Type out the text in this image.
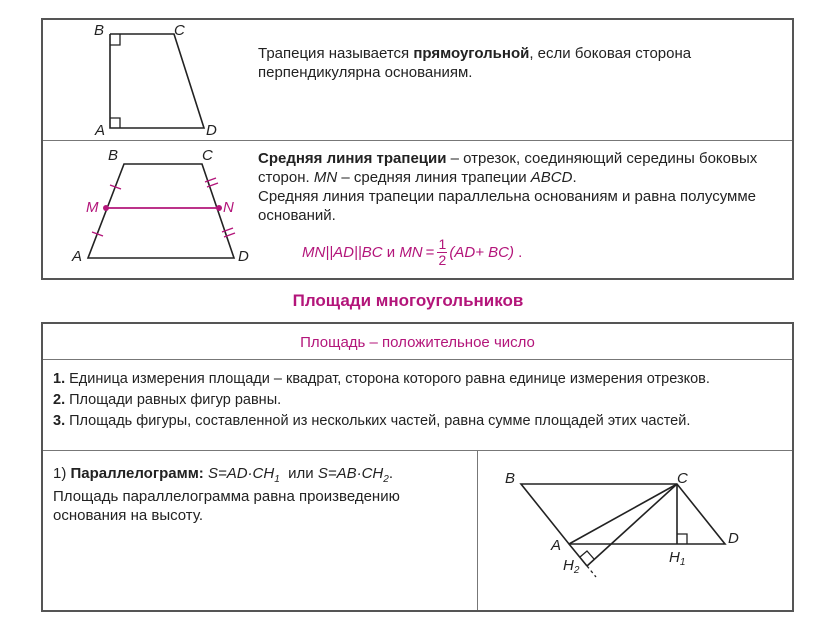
B	C
A	D
Трапеция называется прямоугольной, если боковая сторона перпендикулярна основаниям.
B	C
M	N
A	D
Средняя линия трапеции – отрезок, соединяющий середины боковых сторон. MN – средняя линия трапеции ABCD.
Средняя линия трапеции параллельна основаниям и равна полусумме оснований.
MN||AD||BC и MN = 1
2 (AD+ BC) .
Площади многоугольников
Площадь – положительное число
1. Единица измерения площади – квадрат, сторона которого равна единице измерения отрезков.
2. Площади равных фигур равны.
3. Площадь фигуры, составленной из нескольких частей, равна сумме площадей этих частей.
1) Параллелограмм: $S=AD\cdot CH_1$ или $S=AB\cdot CH_2$.
Площадь параллелограмма равна произведению основания на высоту.
B	C
A	D
$H_1$
$H_2$
